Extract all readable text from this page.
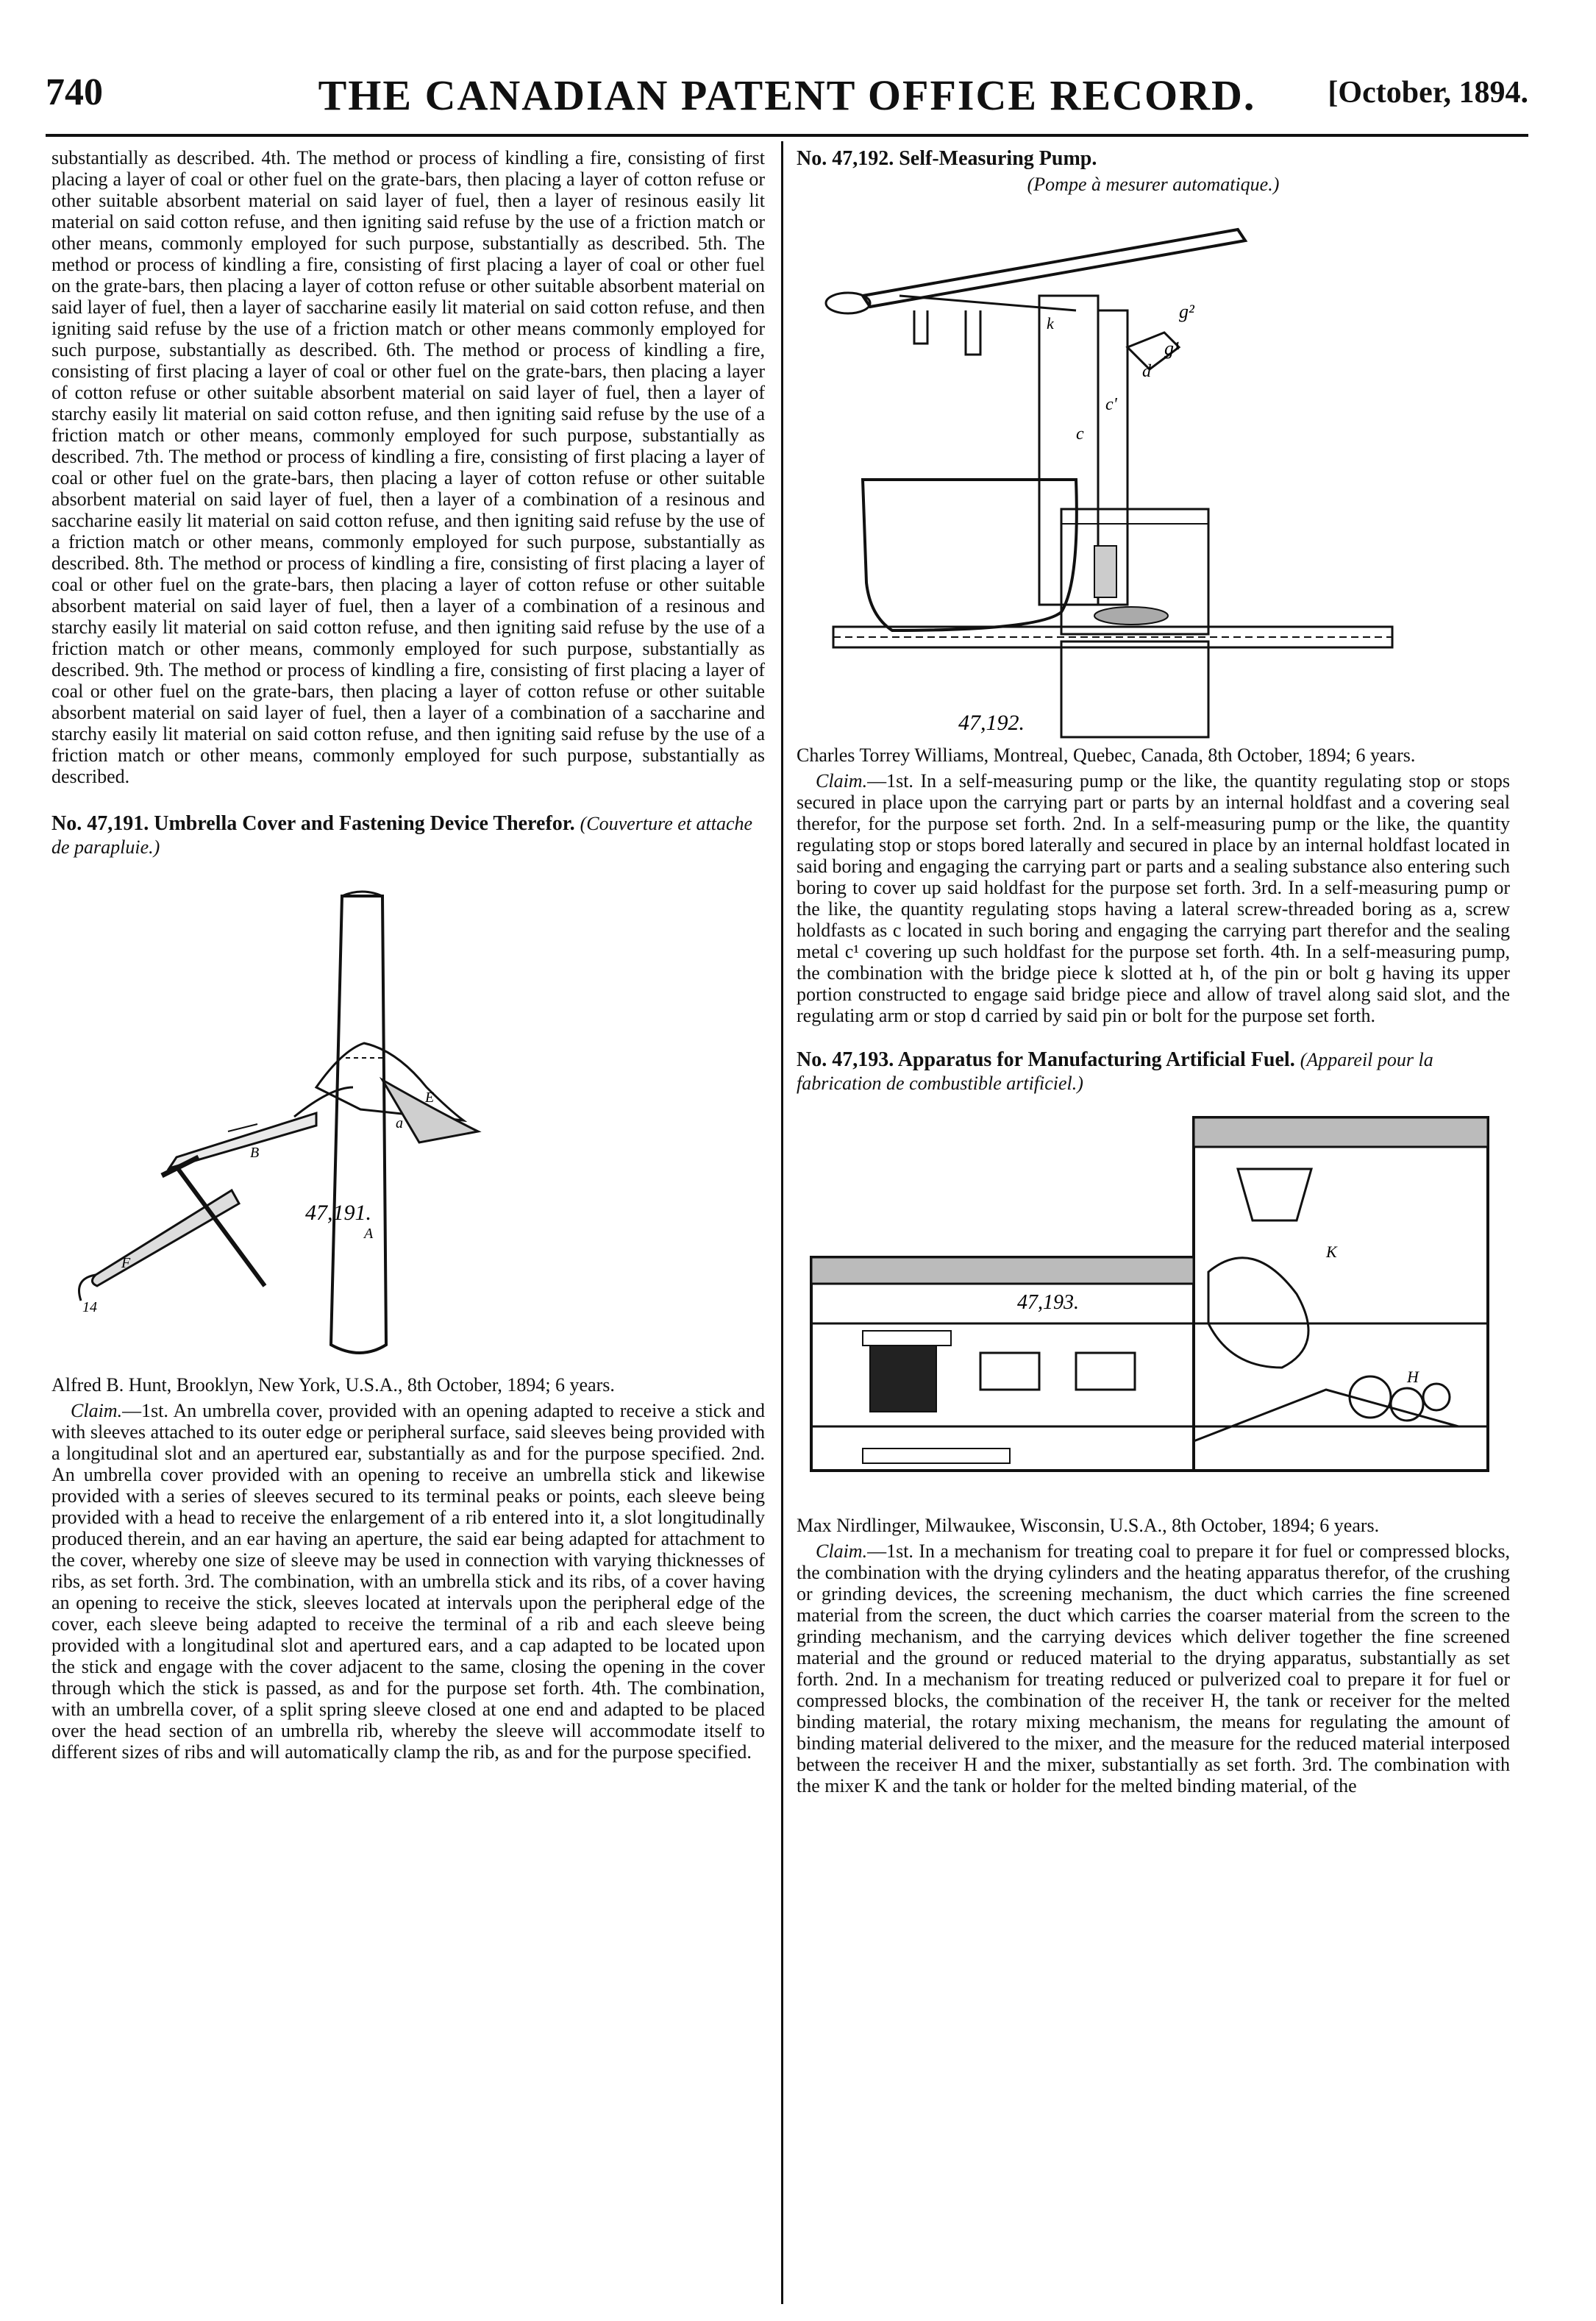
740	THE CANADIAN PATENT OFFICE RECORD.	[October, 1894.

substantially as described. 4th. The method or process of kindling a fire, consisting of first placing a layer of coal or other fuel on the grate-bars, then placing a layer of cotton refuse or other suitable absorbent material on said layer of fuel, then a layer of resinous easily lit material on said cotton refuse, and then igniting said refuse by the use of a friction match or other means, commonly employed for such purpose, substantially as described. 5th. The method or process of kindling a fire, consisting of first placing a layer of coal or other fuel on the grate-bars, then placing a layer of cotton refuse or other suitable absorbent material on said layer of fuel, then a layer of saccharine easily lit material on said cotton refuse, and then igniting said refuse by the use of a friction match or other means commonly employed for such purpose, substantially as described. 6th. The method or process of kindling a fire, consisting of first placing a layer of coal or other fuel on the grate-bars, then placing a layer of cotton refuse or other suitable absorbent material on said layer of fuel, then a layer of starchy easily lit material on said cotton refuse, and then igniting said refuse by the use of a friction match or other means, commonly employed for such purpose, substantially as described. 7th. The method or process of kindling a fire, consisting of first placing a layer of coal or other fuel on the grate-bars, then placing a layer of cotton refuse or other suitable absorbent material on said layer of fuel, then a layer of a combination of a resinous and saccharine easily lit material on said cotton refuse, and then igniting said refuse by the use of a friction match or other means, commonly employed for such purpose, substantially as described. 8th. The method or process of kindling a fire, consisting of first placing a layer of coal or other fuel on the grate-bars, then placing a layer of cotton refuse or other suitable absorbent material on said layer of fuel, then a layer of a combination of a resinous and starchy easily lit material on said cotton refuse, and then igniting said refuse by the use of a friction match or other means, commonly employed for such purpose, substantially as described. 9th. The method or process of kindling a fire, consisting of first placing a layer of coal or other fuel on the grate-bars, then placing a layer of cotton refuse or other suitable absorbent material on said layer of fuel, then a layer of a combination of a saccharine and starchy easily lit material on said cotton refuse, and then igniting said refuse by the use of a friction match or other means, commonly employed for such purpose, substantially as described.

No. 47,191. Umbrella Cover and Fastening Device Therefor. (Couverture et attache de parapluie.)

47,191.
E
a
A
F
14
B

Alfred B. Hunt, Brooklyn, New York, U.S.A., 8th October, 1894; 6 years.

Claim.—1st. An umbrella cover, provided with an opening adapted to receive a stick and with sleeves attached to its outer edge or peripheral surface, said sleeves being provided with a longitudinal slot and an apertured ear, substantially as and for the purpose specified. 2nd. An umbrella cover provided with an opening to receive an umbrella stick and likewise provided with a series of sleeves secured to its terminal peaks or points, each sleeve being provided with a head to receive the enlargement of a rib entered into it, a slot longitudinally produced therein, and an ear having an aperture, the said ear being adapted for attachment to the cover, whereby one size of sleeve may be used in connection with varying thicknesses of ribs, as set forth. 3rd. The combination, with an umbrella stick and its ribs, of a cover having an opening to receive the stick, sleeves located at intervals upon the peripheral edge of the cover, each sleeve being adapted to receive the terminal of a rib and each sleeve being provided with a longitudinal slot and apertured ears, and a cap adapted to be located upon the stick and engage with the cover adjacent to the same, closing the opening in the cover through which the stick is passed, as and for the purpose set forth. 4th. The combination, with an umbrella cover, of a split spring sleeve closed at one end and adapted to be placed over the head section of an umbrella rib, whereby the sleeve will accommodate itself to different sizes of ribs and will automatically clamp the rib, as and for the purpose specified.

No. 47,192. Self-Measuring Pump.

(Pompe à mesurer automatique.)

47,192.
g²
g¹
d
c'
c
k

Charles Torrey Williams, Montreal, Quebec, Canada, 8th October, 1894; 6 years.

Claim.—1st. In a self-measuring pump or the like, the quantity regulating stop or stops secured in place upon the carrying part or parts by an internal holdfast and a covering seal therefor, for the purpose set forth. 2nd. In a self-measuring pump or the like, the quantity regulating stop or stops bored laterally and secured in place by an internal holdfast located in said boring and engaging the carrying part or parts and a sealing substance also entering such boring to cover up said holdfast for the purpose set forth. 3rd. In a self-measuring pump or the like, the quantity regulating stops having a lateral screw-threaded boring as a, screw holdfasts as c located in such boring and engaging the carrying part therefor and the sealing metal c¹ covering up such holdfast for the purpose set forth. 4th. In a self-measuring pump, the combination with the bridge piece k slotted at h, of the pin or bolt g having its upper portion constructed to engage said bridge piece and allow of travel along said slot, and the regulating arm or stop d carried by said pin or bolt for the purpose set forth.

No. 47,193. Apparatus for Manufacturing Artificial Fuel. (Appareil pour la fabrication de combustible artificiel.)

47,193.
K
H

Max Nirdlinger, Milwaukee, Wisconsin, U.S.A., 8th October, 1894; 6 years.

Claim.—1st. In a mechanism for treating coal to prepare it for fuel or compressed blocks, the combination with the drying cylinders and the heating apparatus therefor, of the crushing or grinding devices, the screening mechanism, the duct which carries the fine screened material from the screen, the duct which carries the coarser material from the screen to the grinding mechanism, and the carrying devices which deliver together the fine screened material and the ground or reduced material to the drying apparatus, substantially as set forth. 2nd. In a mechanism for treating reduced or pulverized coal to prepare it for fuel or compressed blocks, the combination of the receiver H, the tank or receiver for the melted binding material, the rotary mixing mechanism, the means for regulating the amount of binding material delivered to the mixer, and the measure for the reduced material interposed between the receiver H and the mixer, substantially as set forth. 3rd. The combination with the mixer K and the tank or holder for the melted binding material, of the
